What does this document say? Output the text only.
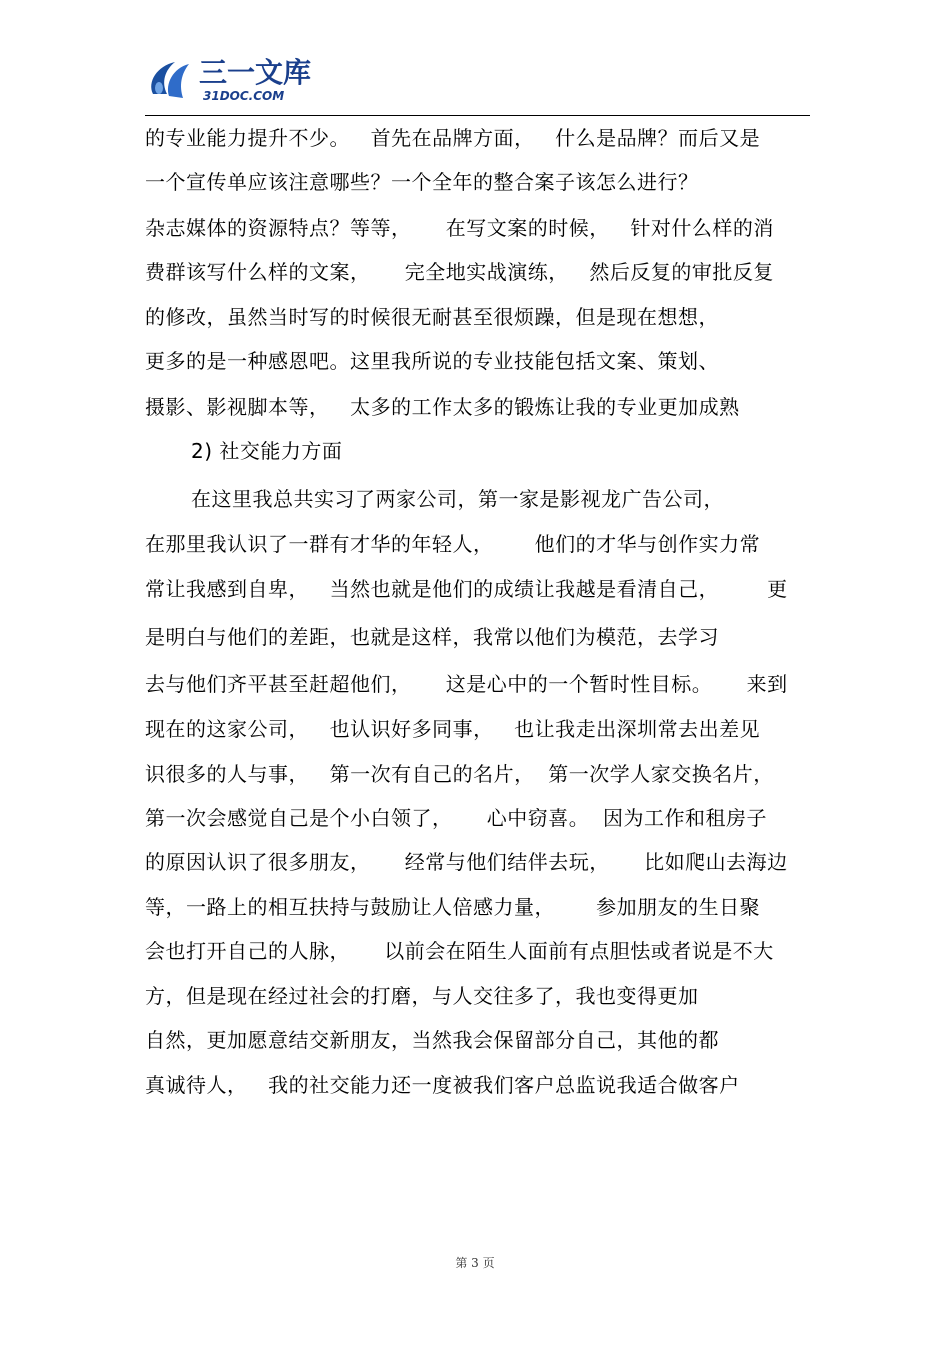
三一文库
31DOC.COM
的专业能力提升不少。   首先在品牌方面，   什么是品牌？而后又是
一个宣传单应该注意哪些？一个全年的整合案子该怎么进行？
杂志媒体的资源特点？等等，     在写文案的时候，   针对什么样的消
费群该写什么样的文案，     完全地实战演练，   然后反复的审批反复
的修改，虽然当时写的时候很无耐甚至很烦躁，但是现在想想，
更多的是一种感恩吧。这里我所说的专业技能包括文案、策划、
摄影、影视脚本等，   太多的工作太多的锻炼让我的专业更加成熟
2) 社交能力方面
在这里我总共实习了两家公司，第一家是影视龙广告公司，
在那里我认识了一群有才华的年轻人，      他们的才华与创作实力常
常让我感到自卑，   当然也就是他们的成绩让我越是看清自己，       更
是明白与他们的差距，也就是这样，我常以他们为模范，去学习
去与他们齐平甚至赶超他们，     这是心中的一个暂时性目标。     来到
现在的这家公司，   也认识好多同事，   也让我走出深圳常去出差见
识很多的人与事，   第一次有自己的名片，  第一次学人家交换名片，
第一次会感觉自己是个小白领了，     心中窃喜。  因为工作和租房子
的原因认识了很多朋友，     经常与他们结伴去玩，     比如爬山去海边
等，一路上的相互扶持与鼓励让人倍感力量，      参加朋友的生日聚
会也打开自己的人脉，     以前会在陌生人面前有点胆怯或者说是不大
方，但是现在经过社会的打磨，与人交往多了，我也变得更加
自然，更加愿意结交新朋友，当然我会保留部分自己，其他的都
真诚待人，   我的社交能力还一度被我们客户总监说我适合做客户
第 3 页
